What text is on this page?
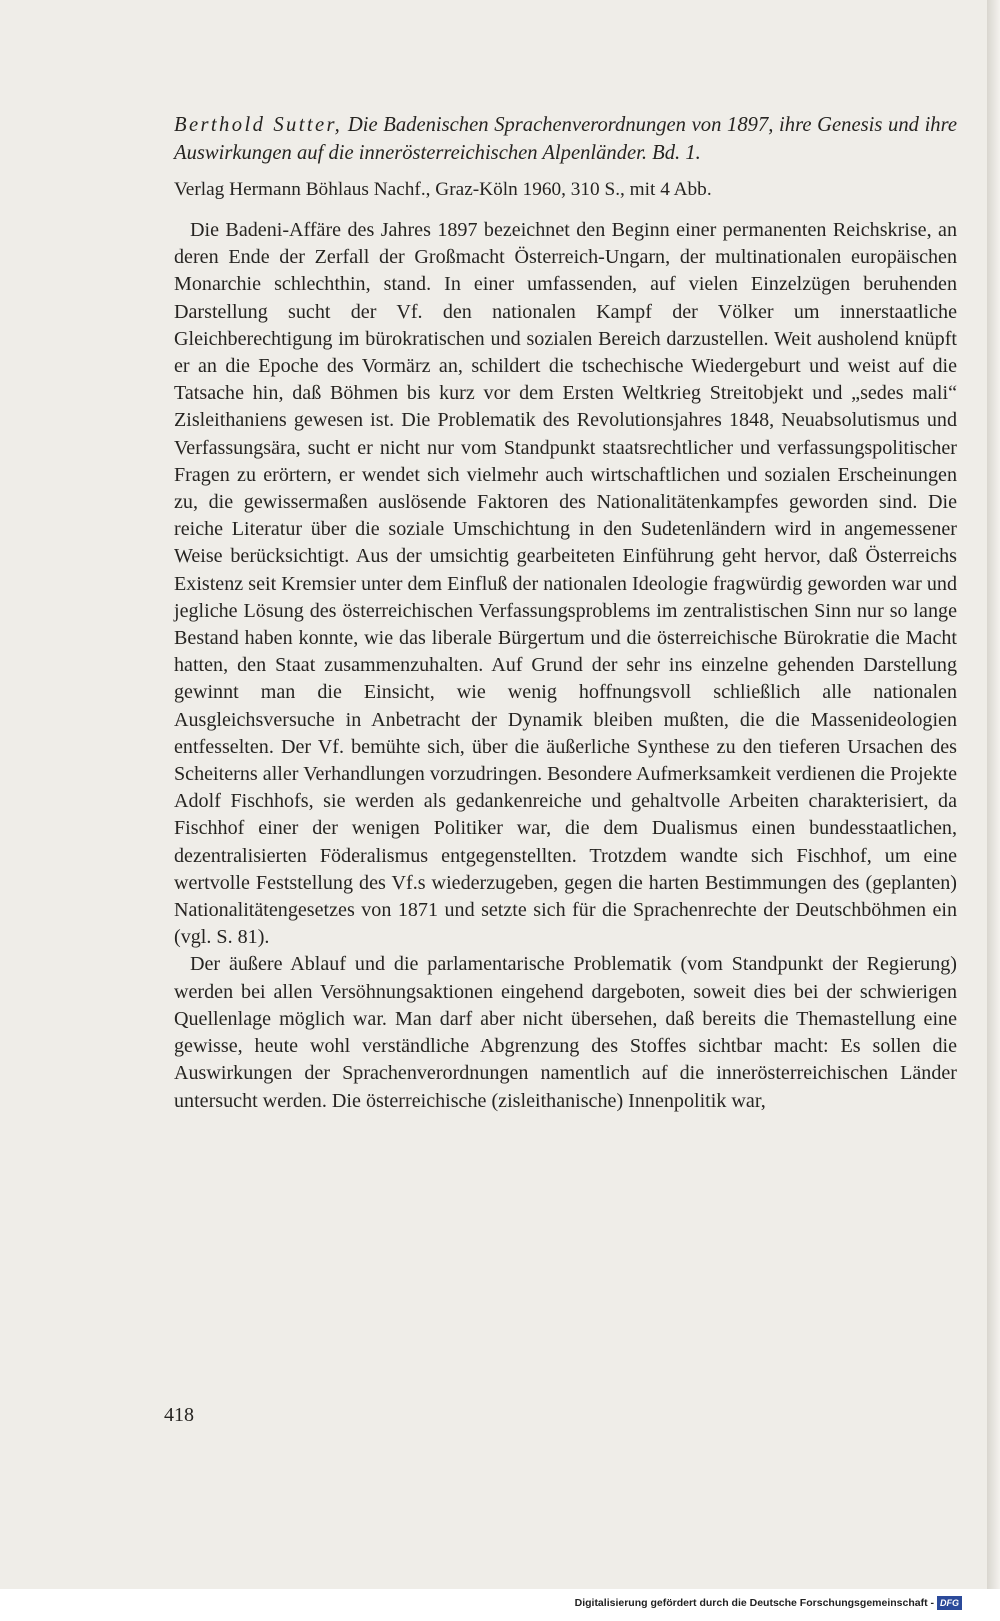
Berthold Sutter, Die Badenischen Sprachenverordnungen von 1897, ihre Genesis und ihre Auswirkungen auf die innerösterreichischen Alpenländer. Bd. 1.

Verlag Hermann Böhlaus Nachf., Graz-Köln 1960, 310 S., mit 4 Abb.

Die Badeni-Affäre des Jahres 1897 bezeichnet den Beginn einer permanenten Reichskrise, an deren Ende der Zerfall der Großmacht Österreich-Ungarn, der multinationalen europäischen Monarchie schlechthin, stand. In einer umfassenden, auf vielen Einzelzügen beruhenden Darstellung sucht der Vf. den nationalen Kampf der Völker um innerstaatliche Gleichberechtigung im bürokratischen und sozialen Bereich darzustellen. Weit ausholend knüpft er an die Epoche des Vormärz an, schildert die tschechische Wiedergeburt und weist auf die Tatsache hin, daß Böhmen bis kurz vor dem Ersten Weltkrieg Streitobjekt und „sedes mali“ Zisleithaniens gewesen ist. Die Problematik des Revolutionsjahres 1848, Neuabsolutismus und Verfassungsära, sucht er nicht nur vom Standpunkt staatsrechtlicher und verfassungspolitischer Fragen zu erörtern, er wendet sich vielmehr auch wirtschaftlichen und sozialen Erscheinungen zu, die gewissermaßen auslösende Faktoren des Nationalitätenkampfes geworden sind. Die reiche Literatur über die soziale Umschichtung in den Sudetenländern wird in angemessener Weise berücksichtigt. Aus der umsichtig gearbeiteten Einführung geht hervor, daß Österreichs Existenz seit Kremsier unter dem Einfluß der nationalen Ideologie fragwürdig geworden war und jegliche Lösung des österreichischen Verfassungsproblems im zentralistischen Sinn nur so lange Bestand haben konnte, wie das liberale Bürgertum und die österreichische Bürokratie die Macht hatten, den Staat zusammenzuhalten. Auf Grund der sehr ins einzelne gehenden Darstellung gewinnt man die Einsicht, wie wenig hoffnungsvoll schließlich alle nationalen Ausgleichsversuche in Anbetracht der Dynamik bleiben mußten, die die Massenideologien entfesselten. Der Vf. bemühte sich, über die äußerliche Synthese zu den tieferen Ursachen des Scheiterns aller Verhandlungen vorzudringen. Besondere Aufmerksamkeit verdienen die Projekte Adolf Fischhofs, sie werden als gedankenreiche und gehaltvolle Arbeiten charakterisiert, da Fischhof einer der wenigen Politiker war, die dem Dualismus einen bundesstaatlichen, dezentralisierten Föderalismus entgegenstellten. Trotzdem wandte sich Fischhof, um eine wertvolle Feststellung des Vf.s wiederzugeben, gegen die harten Bestimmungen des (geplanten) Nationalitätengesetzes von 1871 und setzte sich für die Sprachenrechte der Deutschböhmen ein (vgl. S. 81).

Der äußere Ablauf und die parlamentarische Problematik (vom Standpunkt der Regierung) werden bei allen Versöhnungsaktionen eingehend dargeboten, soweit dies bei der schwierigen Quellenlage möglich war. Man darf aber nicht übersehen, daß bereits die Themastellung eine gewisse, heute wohl verständliche Abgrenzung des Stoffes sichtbar macht: Es sollen die Auswirkungen der Sprachenverordnungen namentlich auf die innerösterreichischen Länder untersucht werden. Die österreichische (zisleithanische) Innenpolitik war,

418
Digitalisierung gefördert durch die Deutsche Forschungsgemeinschaft - DFG
